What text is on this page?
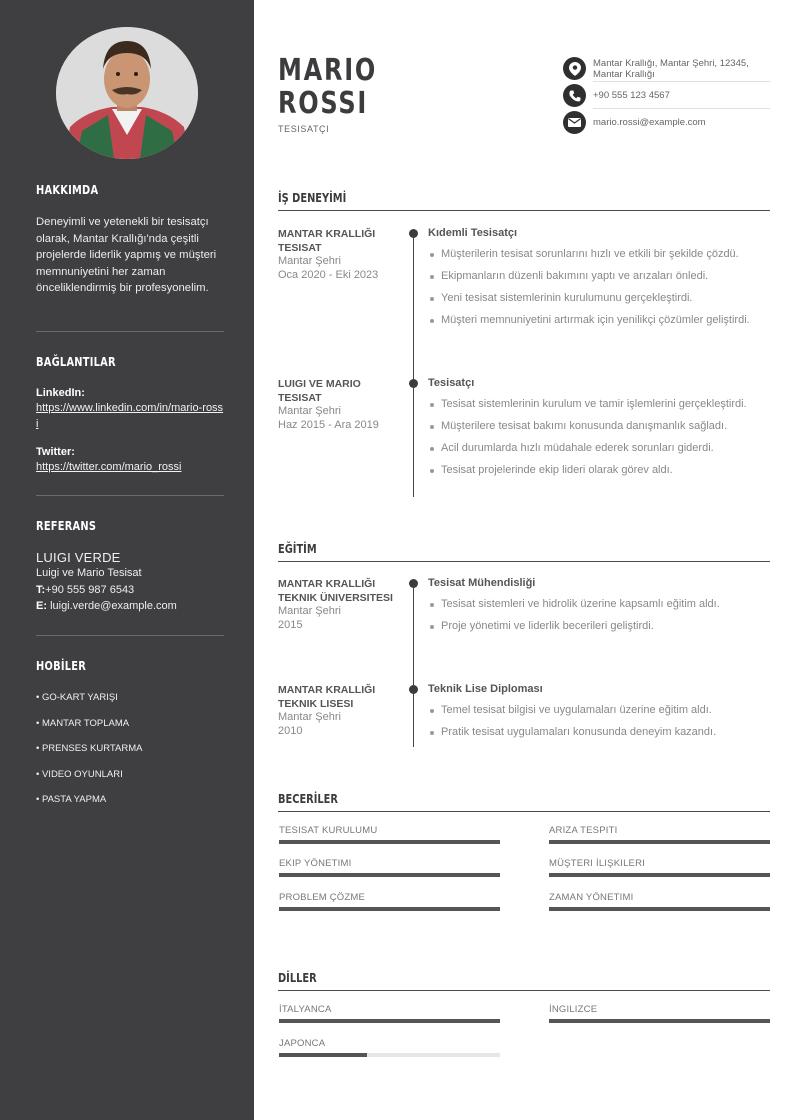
HAKKIMDA
Deneyimli ve yetenekli bir tesisatçı olarak, Mantar Krallığı'nda çeşitli projelerde liderlik yapmış ve müşteri memnuniyetini her zaman önceliklendirmiş bir profesyonelim.
BAĞLANTILAR
LinkedIn:
https://www.linkedin.com/in/mario-rossi
Twitter:
https://twitter.com/mario_rossi
REFERANS
LUIGI VERDE
Luigi ve Mario Tesisat
T:+90 555 987 6543
E: luigi.verde@example.com
HOBİLER
• GO-KART YARIŞI
• MANTAR TOPLAMA
• PRENSES KURTARMA
• VIDEO OYUNLARI
• PASTA YAPMA
MARIO
ROSSI
TESISATÇI
Mantar Krallığı, Mantar Şehri, 12345, Mantar Krallığı
+90 555 123 4567
mario.rossi@example.com
İŞ DENEYİMİ
MANTAR KRALLIĞI TESISAT
Mantar Şehri
Oca 2020 - Eki 2023
Kıdemli Tesisatçı
Müşterilerin tesisat sorunlarını hızlı ve etkili bir şekilde çözdü.
Ekipmanların düzenli bakımını yaptı ve arızaları önledi.
Yeni tesisat sistemlerinin kurulumunu gerçekleştirdi.
Müşteri memnuniyetini artırmak için yenilikçi çözümler geliştirdi.
LUIGI VE MARIO TESISAT
Mantar Şehri
Haz 2015 - Ara 2019
Tesisatçı
Tesisat sistemlerinin kurulum ve tamir işlemlerini gerçekleştirdi.
Müşterilere tesisat bakımı konusunda danışmanlık sağladı.
Acil durumlarda hızlı müdahale ederek sorunları giderdi.
Tesisat projelerinde ekip lideri olarak görev aldı.
EĞİTİM
MANTAR KRALLIĞI TEKNIK ÜNIVERSITESI
Mantar Şehri
2015
Tesisat Mühendisliği
Tesisat sistemleri ve hidrolik üzerine kapsamlı eğitim aldı.
Proje yönetimi ve liderlik becerileri geliştirdi.
MANTAR KRALLIĞI TEKNIK LISESI
Mantar Şehri
2010
Teknik Lise Diploması
Temel tesisat bilgisi ve uygulamaları üzerine eğitim aldı.
Pratik tesisat uygulamaları konusunda deneyim kazandı.
BECERİLER
TESISAT KURULUMU	ARIZA TESPITI
EKIP YÖNETIMI	MÜŞTERI İLIŞKILERI
PROBLEM ÇÖZME	ZAMAN YÖNETIMI
DİLLER
İTALYANCA	İNGILIZCE
JAPONCA
